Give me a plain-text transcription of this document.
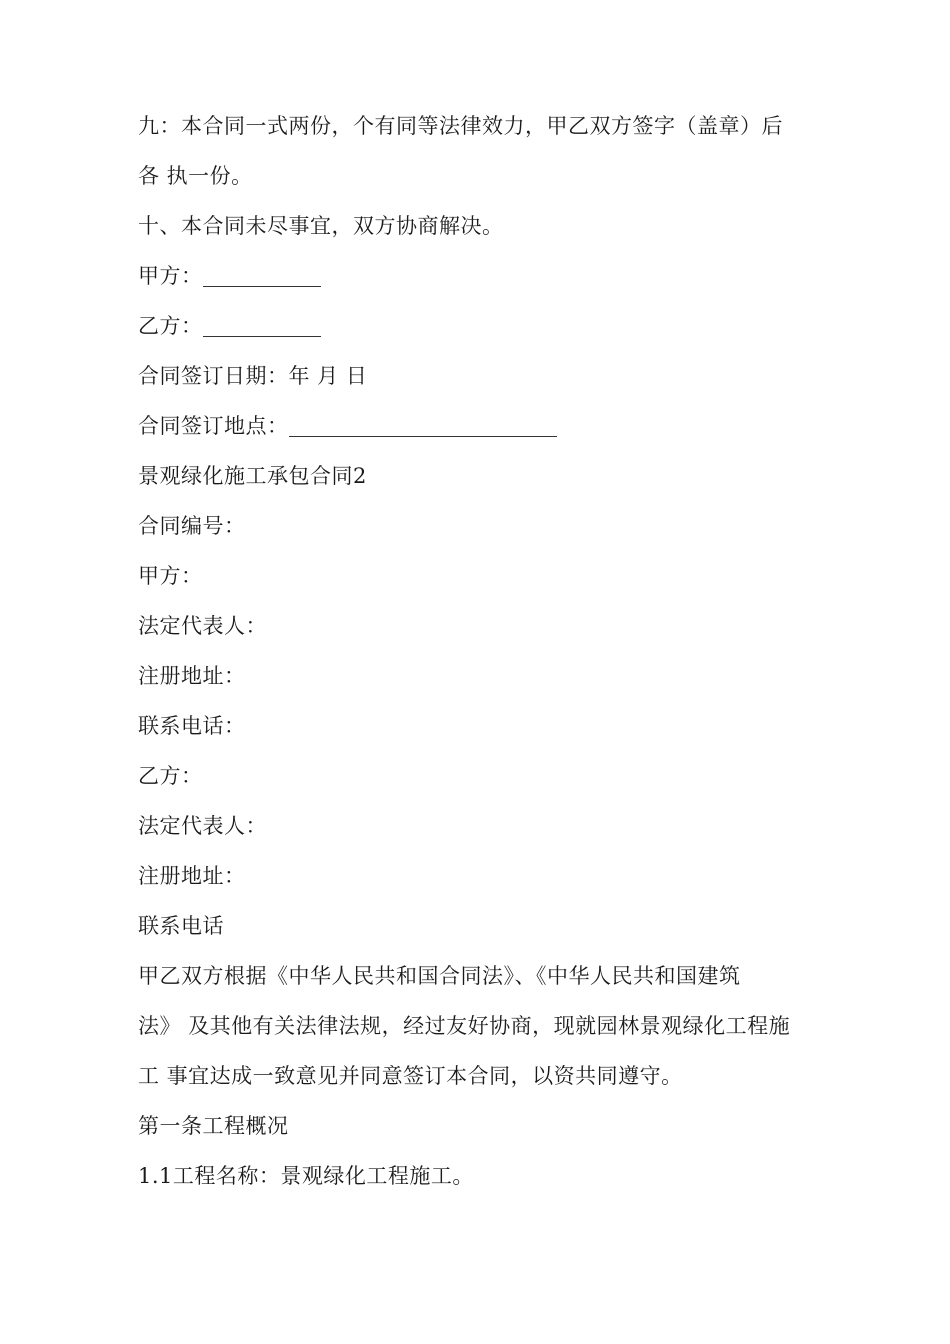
九：本合同一式两份，个有同等法律效力，甲乙双方签字（盖章）后
各 执一份。
十、本合同未尽事宜，双方协商解决。
甲方：
乙方：
合同签订日期：年 月 日
合同签订地点：
景观绿化施工承包合同2
合同编号：
甲方：
法定代表人：
注册地址：
联系电话：
乙方：
法定代表人：
注册地址：
联系电话
甲乙双方根据《中华人民共和国合同法》、《中华人民共和国建筑
法》 及其他有关法律法规，经过友好协商，现就园林景观绿化工程施
工 事宜达成一致意见并同意签订本合同，以资共同遵守。
第一条工程概况
1.1工程名称：景观绿化工程施工。
